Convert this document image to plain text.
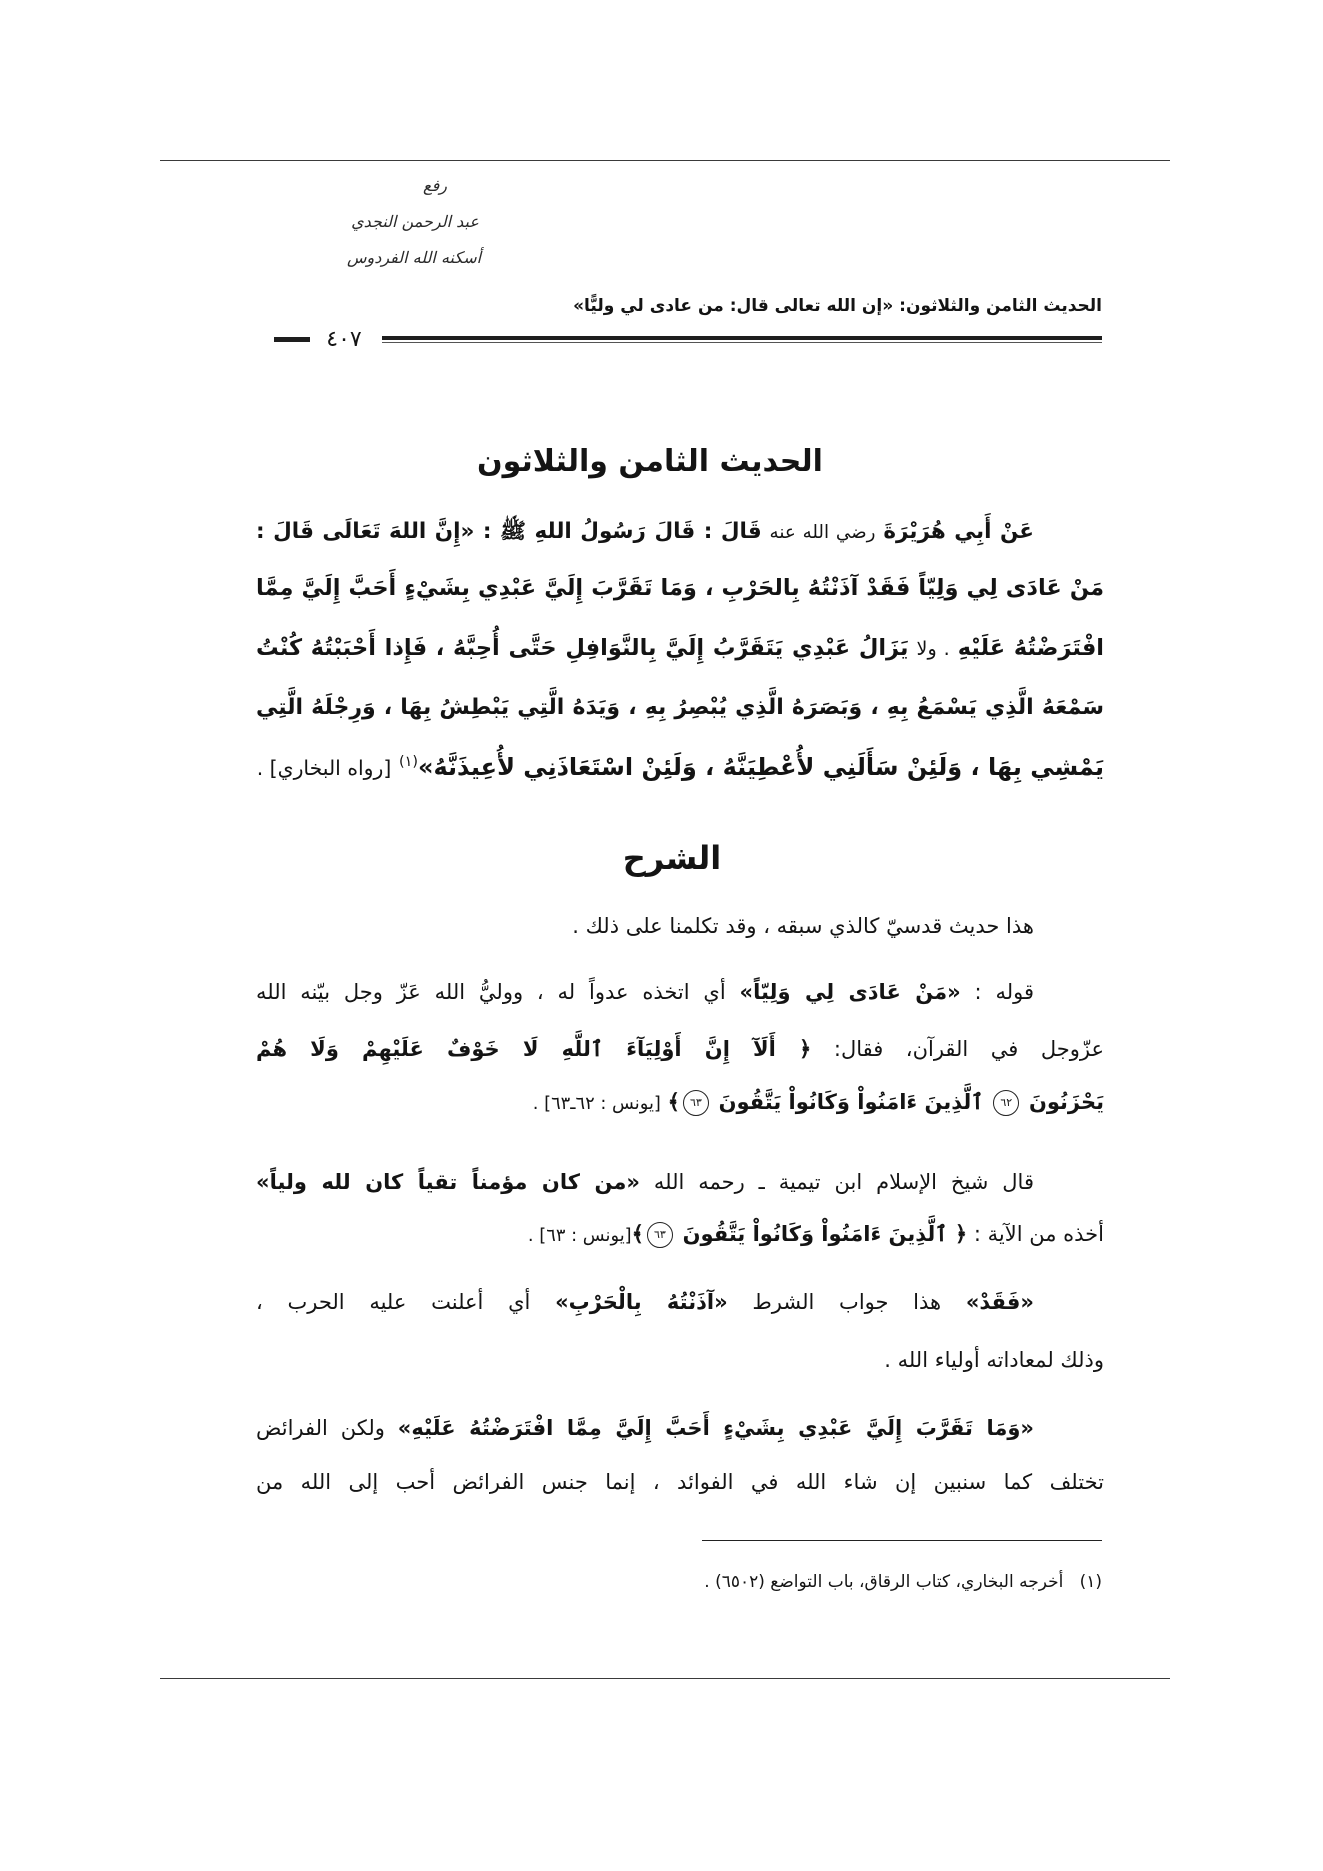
رفع
عبد الرحمن النجدي
أسكنه الله الفردوس
الحديث الثامن والثلاثون: «إن الله تعالى قال: من عادى لي وليًّا»
٤٠٧
الحديث الثامن والثلاثون
عَنْ أَبِي هُرَيْرَةَ رضي الله عنه قَالَ : قَالَ رَسُولُ اللهِ ﷺ : «إِنَّ اللهَ تَعَالَى قَالَ :
مَنْ عَادَى لِي وَلِيّاً فَقَدْ آذَنْتُهُ بِالحَرْبِ ، وَمَا تَقَرَّبَ إِلَيَّ عَبْدِي بِشَيْءٍ أَحَبَّ إِلَيَّ مِمَّا
افْتَرَضْتُهُ عَلَيْهِ . ولا يَزَالُ عَبْدِي يَتَقَرَّبُ إِلَيَّ بِالنَّوَافِلِ حَتَّى أُحِبَّهُ ، فَإِذا أَحْبَبْتُهُ كُنْتُ
سَمْعَهُ الَّذِي يَسْمَعُ بِهِ ، وَبَصَرَهُ الَّذِي يُبْصِرُ بِهِ ، وَيَدَهُ الَّتِي يَبْطِشُ بِهَا ، وَرِجْلَهُ الَّتِي
يَمْشِي بِهَا ، وَلَئِنْ سَأَلَنِي لأُعْطِيَنَّهُ ، وَلَئِنْ اسْتَعَاذَنِي لأُعِيذَنَّهُ»$^{(١)}$ [رواه البخاري] .
الشرح
هذا حديث قدسيّ كالذي سبقه ، وقد تكلمنا على ذلك .
قوله : «مَنْ عَادَى لِي وَلِيّاً» أي اتخذه عدواً له ، ووليُّ الله عَزّ وجل بيّنه الله
عزّوجل في القرآن، فقال: ﴿ أَلَآ إِنَّ أَوْلِيَآءَ ٱللَّهِ لَا خَوْفٌ عَلَيْهِمْ وَلَا هُمْ
يَحْزَنُونَ ٦٢ ٱلَّذِينَ ءَامَنُواْ وَكَانُواْ يَتَّقُونَ ٦٣﴾ [يونس : ٦٢ـ٦٣] .
قال شيخ الإسلام ابن تيمية ـ رحمه الله «من كان مؤمناً تقياً كان لله ولياً»
أخذه من الآية : ﴿ ٱلَّذِينَ ءَامَنُواْ وَكَانُواْ يَتَّقُونَ ٦٣﴾[يونس : ٦٣] .
«فَقَدْ» هذا جواب الشرط «آذَنْتُهُ بِالْحَرْبِ» أي أعلنت عليه الحرب ،
وذلك لمعاداته أولياء الله .
«وَمَا تَقَرَّبَ إِلَيَّ عَبْدِي بِشَيْءٍ أَحَبَّ إِلَيَّ مِمَّا افْتَرَضْتُهُ عَلَيْهِ» ولكن الفرائض
تختلف كما سنبين إن شاء الله في الفوائد ، إنما جنس الفرائض أحب إلى الله من
(١)   أخرجه البخاري، كتاب الرقاق، باب التواضع (٦٥٠٢) .
